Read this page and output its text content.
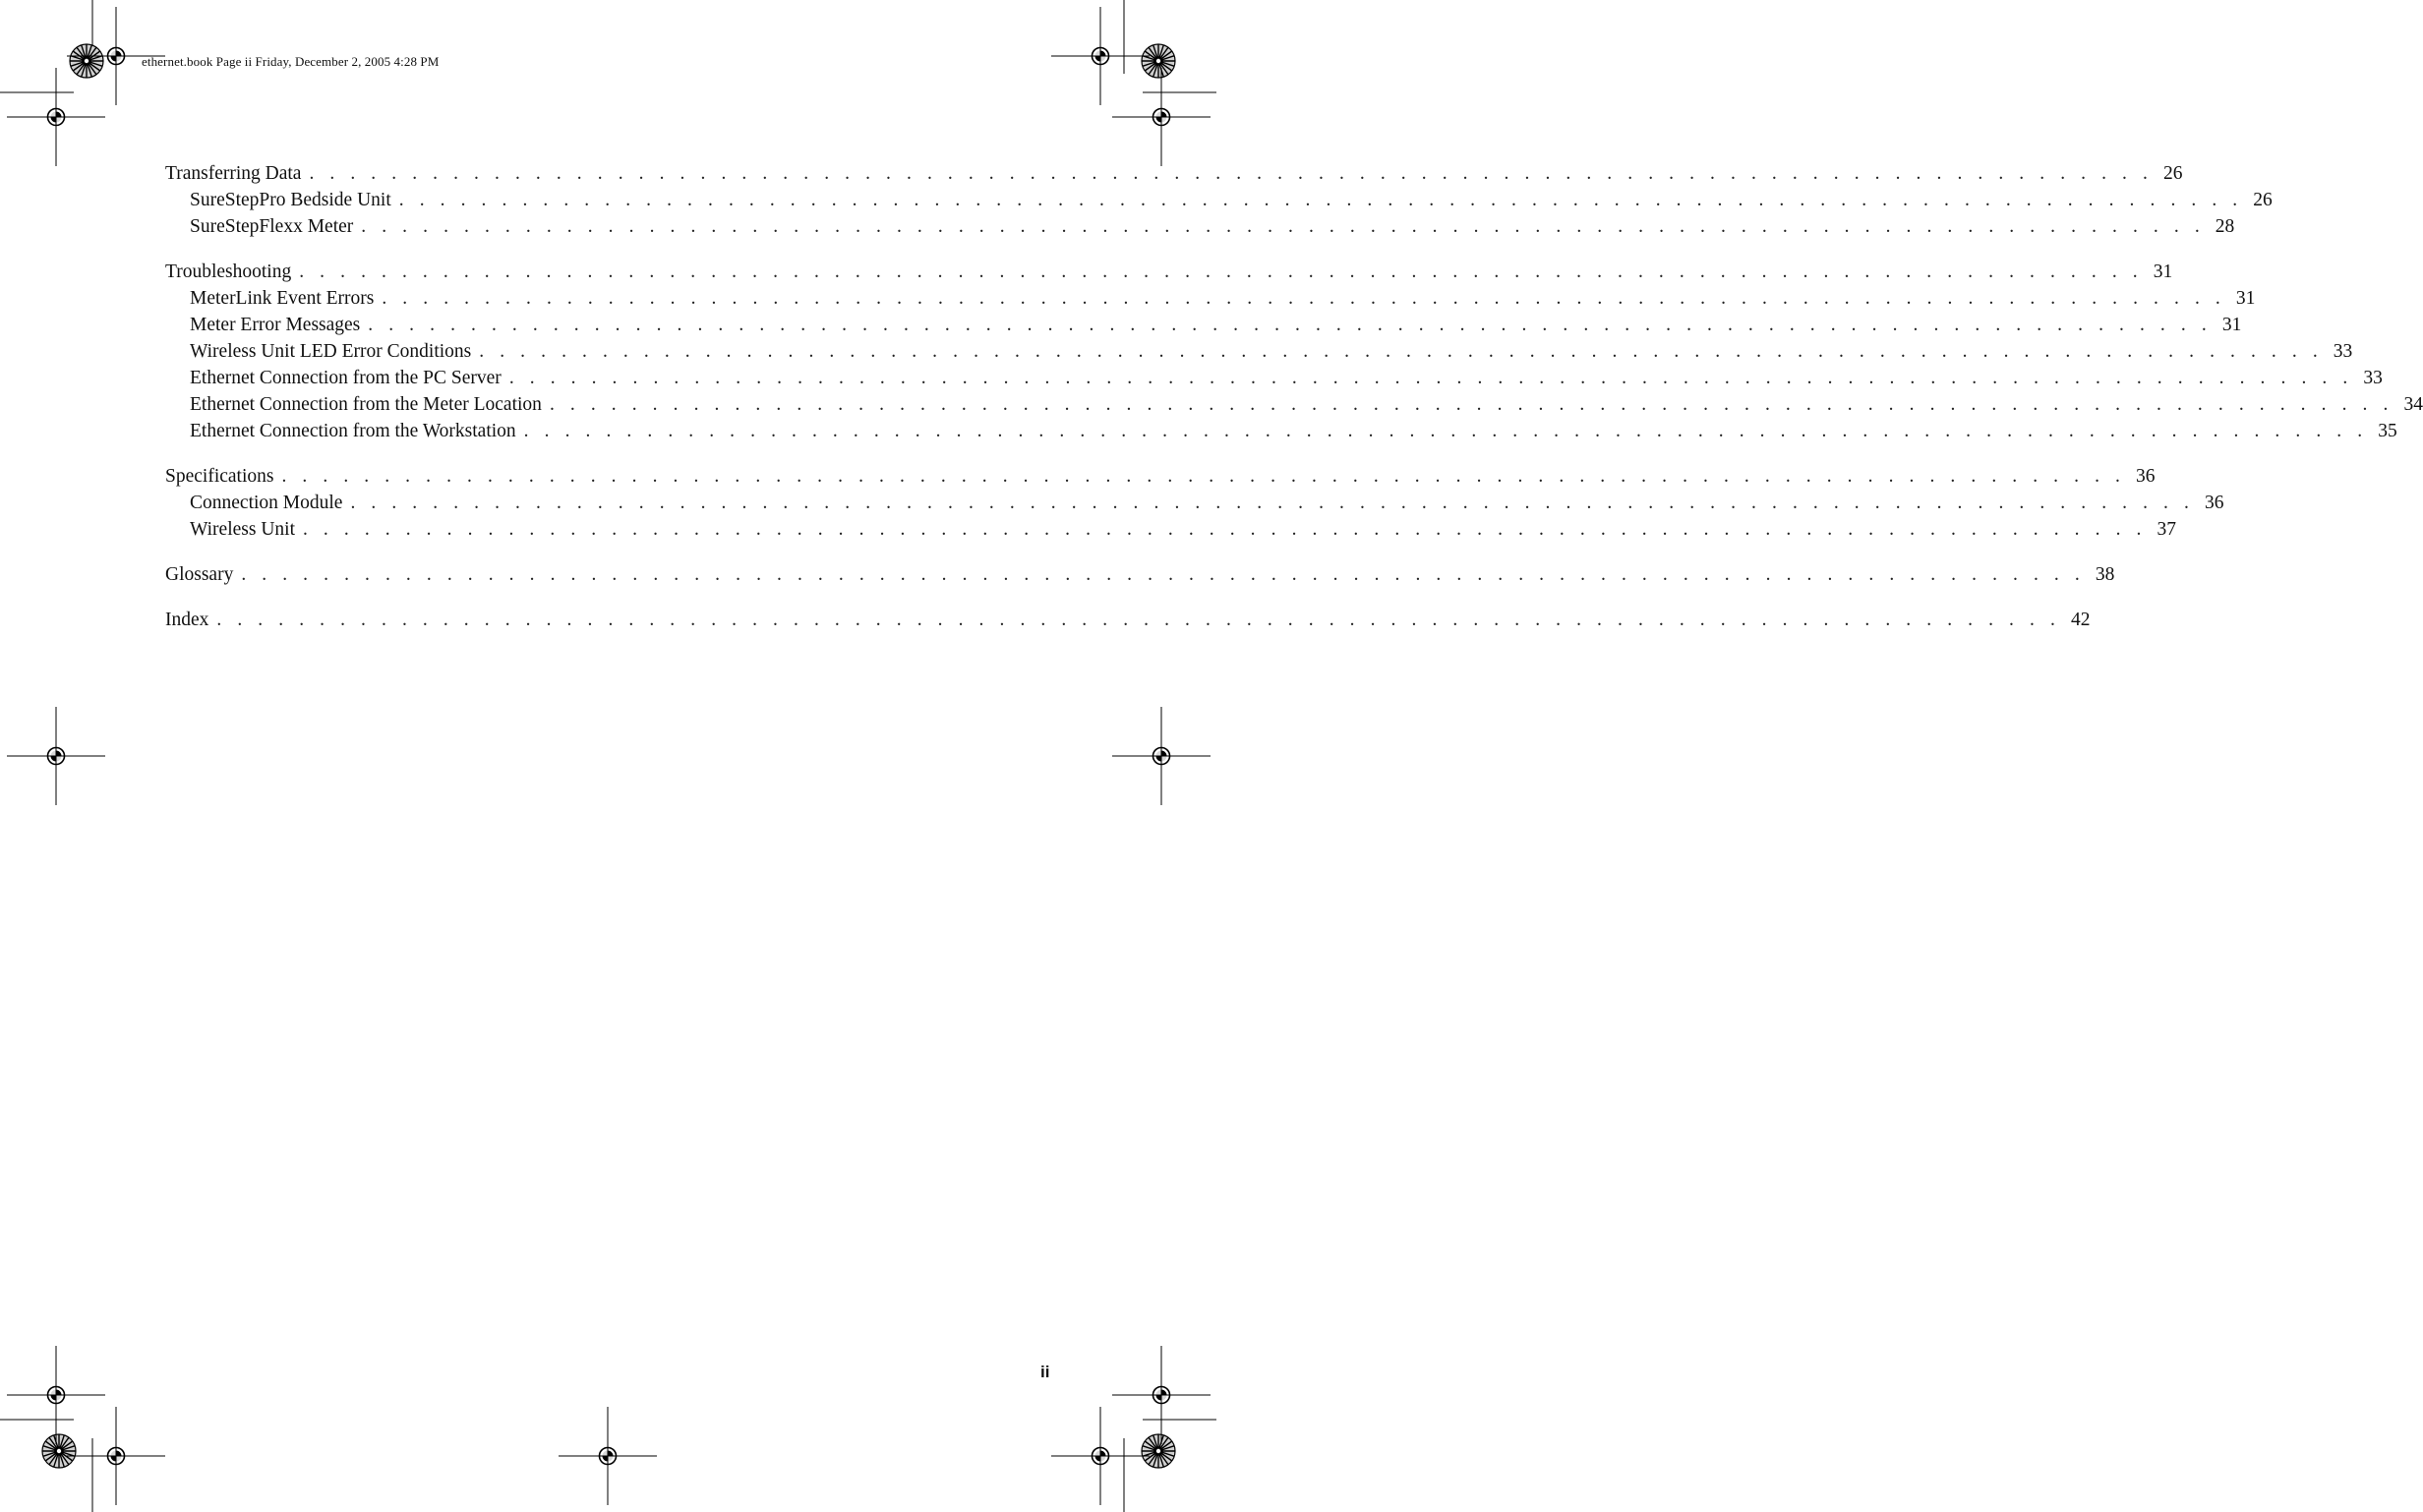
ethernet.book Page ii Friday, December 2, 2005 4:28 PM
Transferring Data . . . . . . . . . . . . . . . . . . . . . . . . . . . . . . . . . . . . . . . . . . . . . . . . . . . . . . . . . . . . . . . . . . . . . . . . . . . . . . . . . . . . . . . . . . 26
SureStepPro Bedside Unit . . . . . . . . . . . . . . . . . . . . . . . . . . . . . . . . . . . . . . . . . . . . . . . . . . . . . . . . . . . . . . . . . . . . . . . . . . . . . . . . . . . . . . . . . . 26
SureStepFlexx Meter . . . . . . . . . . . . . . . . . . . . . . . . . . . . . . . . . . . . . . . . . . . . . . . . . . . . . . . . . . . . . . . . . . . . . . . . . . . . . . . . . . . . . . . . . . 28
Troubleshooting . . . . . . . . . . . . . . . . . . . . . . . . . . . . . . . . . . . . . . . . . . . . . . . . . . . . . . . . . . . . . . . . . . . . . . . . . . . . . . . . . . . . . . . . . . 31
MeterLink Event Errors . . . . . . . . . . . . . . . . . . . . . . . . . . . . . . . . . . . . . . . . . . . . . . . . . . . . . . . . . . . . . . . . . . . . . . . . . . . . . . . . . . . . . . . . . . 31
Meter Error Messages . . . . . . . . . . . . . . . . . . . . . . . . . . . . . . . . . . . . . . . . . . . . . . . . . . . . . . . . . . . . . . . . . . . . . . . . . . . . . . . . . . . . . . . . . . 31
Wireless Unit LED Error Conditions . . . . . . . . . . . . . . . . . . . . . . . . . . . . . . . . . . . . . . . . . . . . . . . . . . . . . . . . . . . . . . . . . . . . . . . . . . . . . . . . . . . . . . . . . . 33
Ethernet Connection from the PC Server . . . . . . . . . . . . . . . . . . . . . . . . . . . . . . . . . . . . . . . . . . . . . . . . . . . . . . . . . . . . . . . . . . . . . . . . . . . . . . . . . . . . . . . . . . 33
Ethernet Connection from the Meter Location . . . . . . . . . . . . . . . . . . . . . . . . . . . . . . . . . . . . . . . . . . . . . . . . . . . . . . . . . . . . . . . . . . . . . . . . . . . . . . . . . . . . . . . . . . 34
Ethernet Connection from the Workstation . . . . . . . . . . . . . . . . . . . . . . . . . . . . . . . . . . . . . . . . . . . . . . . . . . . . . . . . . . . . . . . . . . . . . . . . . . . . . . . . . . . . . . . . . . 35
Specifications . . . . . . . . . . . . . . . . . . . . . . . . . . . . . . . . . . . . . . . . . . . . . . . . . . . . . . . . . . . . . . . . . . . . . . . . . . . . . . . . . . . . . . . . . . 36
Connection Module . . . . . . . . . . . . . . . . . . . . . . . . . . . . . . . . . . . . . . . . . . . . . . . . . . . . . . . . . . . . . . . . . . . . . . . . . . . . . . . . . . . . . . . . . . 36
Wireless Unit . . . . . . . . . . . . . . . . . . . . . . . . . . . . . . . . . . . . . . . . . . . . . . . . . . . . . . . . . . . . . . . . . . . . . . . . . . . . . . . . . . . . . . . . . . 37
Glossary . . . . . . . . . . . . . . . . . . . . . . . . . . . . . . . . . . . . . . . . . . . . . . . . . . . . . . . . . . . . . . . . . . . . . . . . . . . . . . . . . . . . . . . . . . 38
Index . . . . . . . . . . . . . . . . . . . . . . . . . . . . . . . . . . . . . . . . . . . . . . . . . . . . . . . . . . . . . . . . . . . . . . . . . . . . . . . . . . . . . . . . . . 42
ii
